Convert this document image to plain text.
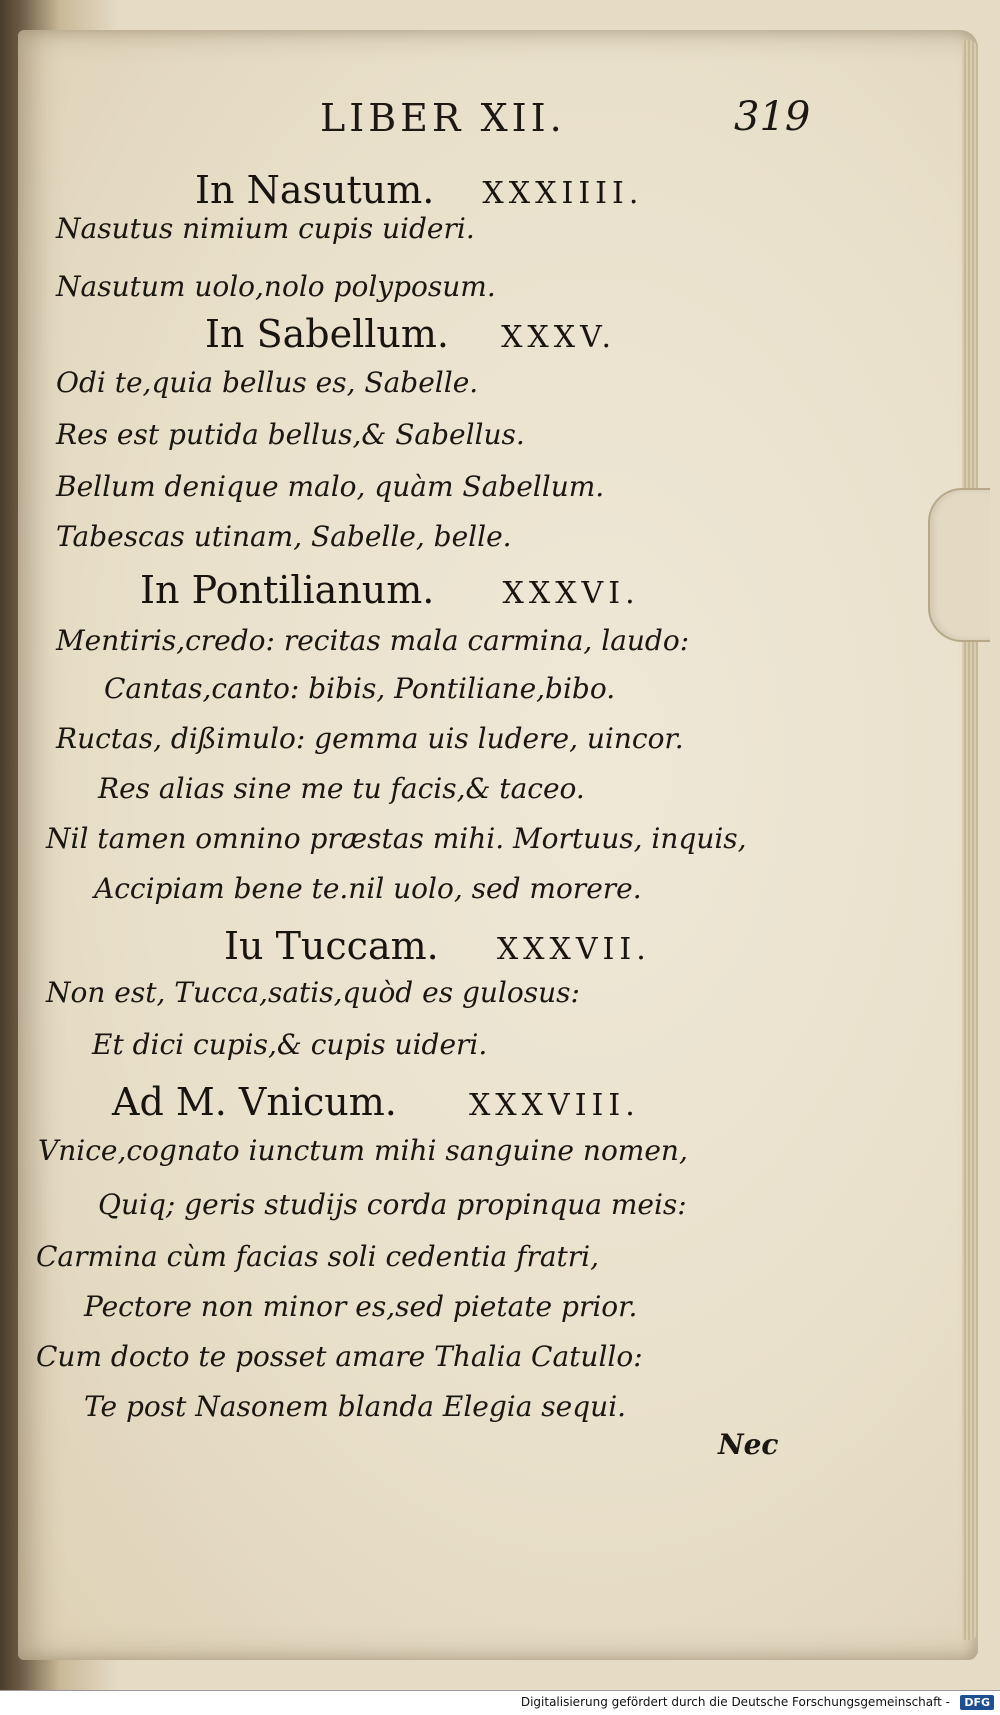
LIBER XII.	319
In Nasutum. XXXIIII.
Nasutus nimium cupis uideri.
Nasutum uolo,nolo polyposum.
In Sabellum. XXXV.
Odi te,quia bellus es, Sabelle.
Res est putida bellus,& Sabellus.
Bellum denique malo, quàm Sabellum.
Tabescas utinam, Sabelle, belle.
In Pontilianum. XXXVI.
Mentiris,credo: recitas mala carmina, laudo:
Cantas,canto: bibis, Pontiliane,bibo.
Ructas, dißimulo: gemma uis ludere, uincor.
Res alias sine me tu facis,& taceo.
Nil tamen omnino præstas mihi. Mortuus, inquis,
Accipiam bene te.nil uolo, sed morere.
Iu Tuccam. XXXVII.
Non est, Tucca,satis,quòd es gulosus:
Et dici cupis,& cupis uideri.
Ad M. Vnicum. XXXVIII.
Vnice,cognato iunctum mihi sanguine nomen,
Quiq; geris studijs corda propinqua meis:
Carmina cùm facias soli cedentia fratri,
Pectore non minor es,sed pietate prior.
Cum docto te posset amare Thalia Catullo:
Te post Nasonem blanda Elegia sequi.
Nec
Digitalisierung gefördert durch die Deutsche Forschungsgemeinschaft -	DFG
